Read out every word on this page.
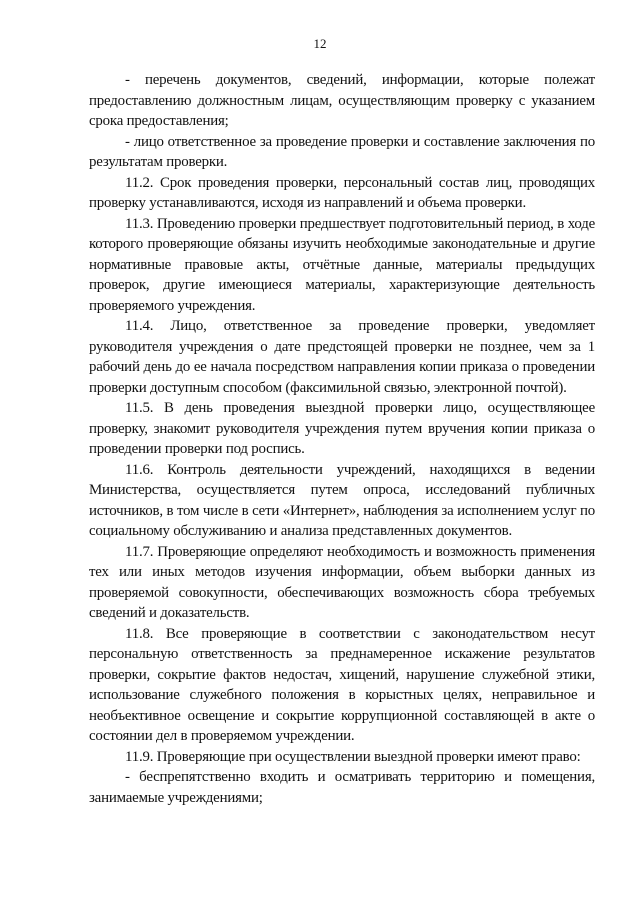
12

- перечень документов, сведений, информации, которые полежат предоставлению должностным лицам, осуществляющим проверку с указанием срока предоставления;

- лицо ответственное за проведение проверки и составление заключения по результатам проверки.

11.2. Срок проведения проверки, персональный состав лиц, проводящих проверку устанавливаются, исходя из направлений и объема проверки.

11.3. Проведению проверки предшествует подготовительный период, в ходе которого проверяющие обязаны изучить необходимые законодательные и другие нормативные правовые акты, отчётные данные, материалы предыдущих проверок, другие имеющиеся материалы, характеризующие деятельность проверяемого учреждения.

11.4. Лицо, ответственное за проведение проверки, уведомляет руководителя учреждения о дате предстоящей проверки не позднее, чем за 1 рабочий день до ее начала посредством направления копии приказа о проведении проверки доступным способом (факсимильной связью, электронной почтой).

11.5. В день проведения выездной проверки лицо, осуществляющее проверку, знакомит руководителя учреждения путем вручения копии приказа о проведении проверки под роспись.

11.6. Контроль деятельности учреждений, находящихся в ведении Министерства, осуществляется путем опроса, исследований публичных источников, в том числе в сети «Интернет», наблюдения за исполнением услуг по социальному обслуживанию и анализа представленных документов.

11.7. Проверяющие определяют необходимость и возможность применения тех или иных методов изучения информации, объем выборки данных из проверяемой совокупности, обеспечивающих возможность сбора требуемых сведений и доказательств.

11.8. Все проверяющие в соответствии с законодательством несут персональную ответственность за преднамеренное искажение результатов проверки, сокрытие фактов недостач, хищений, нарушение служебной этики, использование служебного положения в корыстных целях, неправильное и необъективное освещение и сокрытие коррупционной составляющей в акте о состоянии дел в проверяемом учреждении.

11.9. Проверяющие при осуществлении выездной проверки имеют право:

- беспрепятственно входить и осматривать территорию и помещения, занимаемые учреждениями;
